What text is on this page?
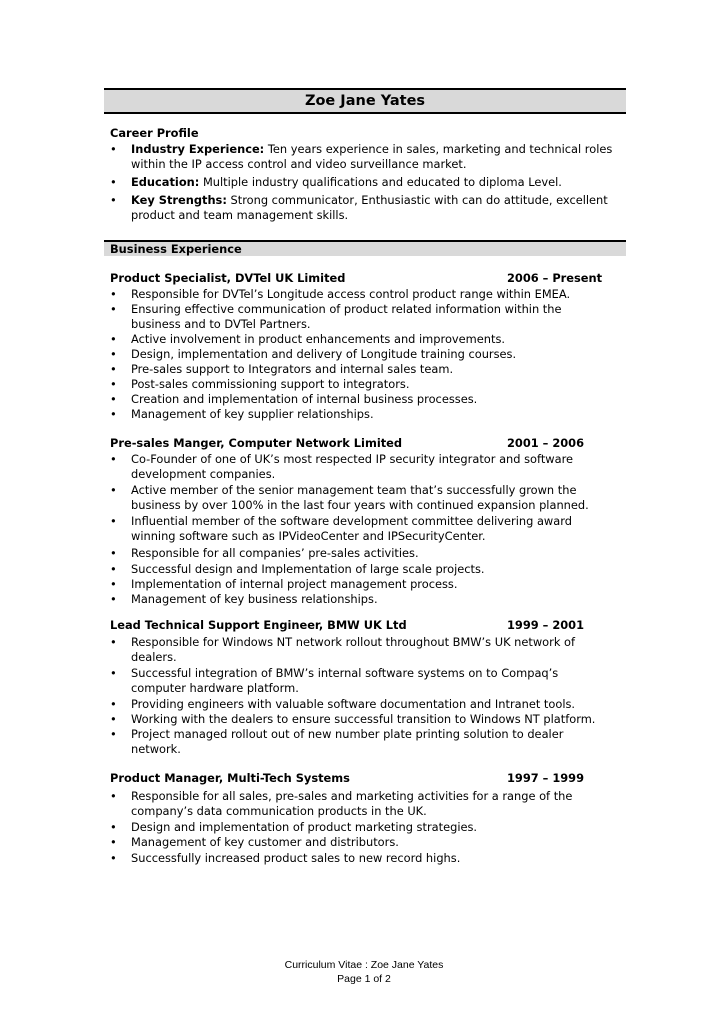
Zoe Jane Yates
Career Profile
•	Industry Experience: Ten years experience in sales, marketing and technical roles within the IP access control and video surveillance market.
•	Education: Multiple industry qualifications and educated to diploma Level.
•	Key Strengths: Strong communicator, Enthusiastic with can do attitude, excellent product and team management skills.
Business Experience
Product Specialist, DVTel UK Limited	2006 – Present
•	Responsible for DVTel’s Longitude access control product range within EMEA.
•	Ensuring effective communication of product related information within the business and to DVTel Partners.
•	Active involvement in product enhancements and improvements.
•	Design, implementation and delivery of Longitude training courses.
•	Pre-sales support to Integrators and internal sales team.
•	Post-sales commissioning support to integrators.
•	Creation and implementation of internal business processes.
•	Management of key supplier relationships.
Pre-sales Manger, Computer Network Limited	2001 – 2006
•	Co-Founder of one of UK’s most respected IP security integrator and software development companies.
•	Active member of the senior management team that’s successfully grown the business by over 100% in the last four years with continued expansion planned.
•	Influential member of the software development committee delivering award winning software such as IPVideoCenter and IPSecurityCenter.
•	Responsible for all companies’ pre-sales activities.
•	Successful design and Implementation of large scale projects.
•	Implementation of internal project management process.
•	Management of key business relationships.
Lead Technical Support Engineer, BMW UK Ltd	1999 – 2001
•	Responsible for Windows NT network rollout throughout BMW’s UK network of dealers.
•	Successful integration of BMW’s internal software systems on to Compaq’s computer hardware platform.
•	Providing engineers with valuable software documentation and Intranet tools.
•	Working with the dealers to ensure successful transition to Windows NT platform.
•	Project managed rollout out of new number plate printing solution to dealer network.
Product Manager, Multi-Tech Systems	1997 – 1999
•	Responsible for all sales, pre-sales and marketing activities for a range of the company’s data communication products in the UK.
•	Design and implementation of product marketing strategies.
•	Management of key customer and distributors.
•	Successfully increased product sales to new record highs.
Curriculum Vitae : Zoe Jane Yates
Page 1 of 2
